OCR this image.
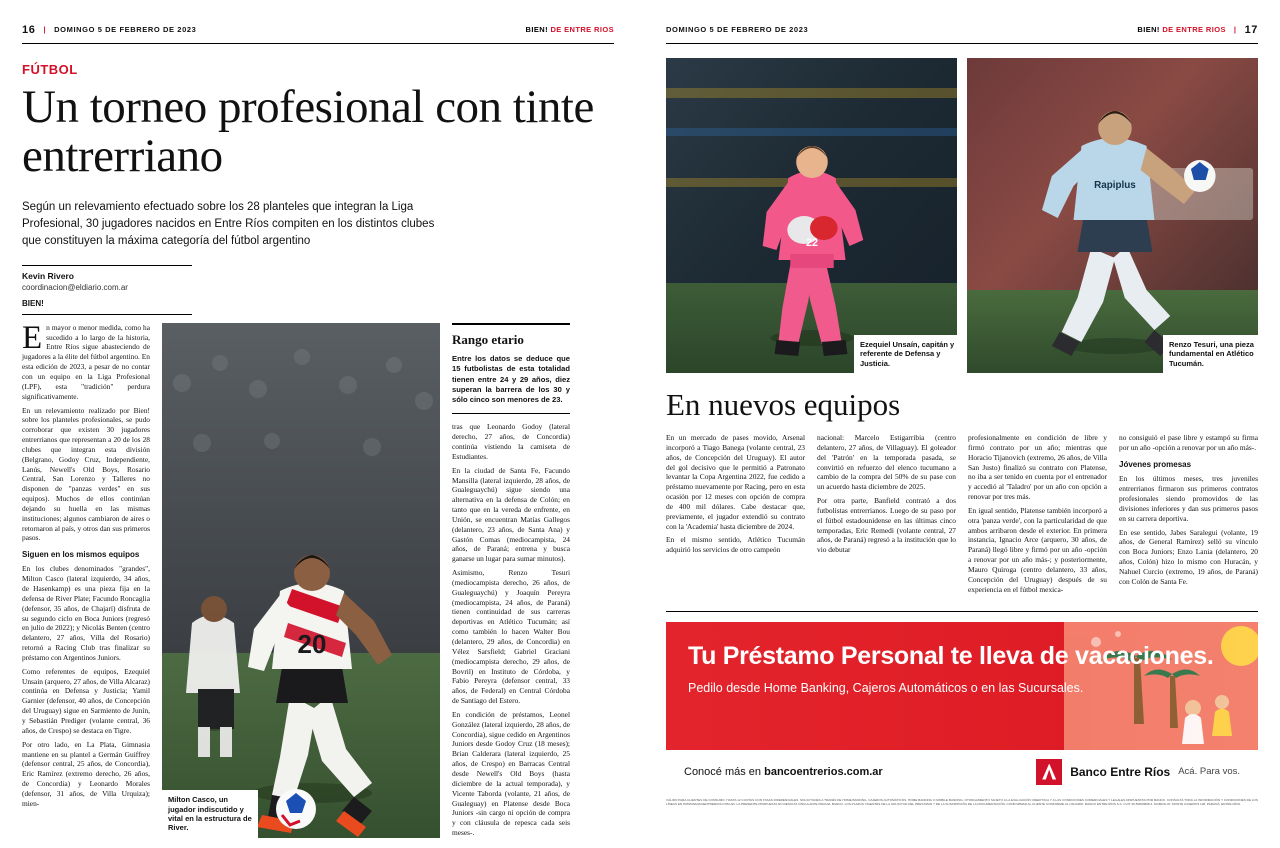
16 | DOMINGO 5 DE FEBRERO DE 2023	BIEN! DE ENTRE RIOS
FÚTBOL
Un torneo profesional con tinte entrerriano
Según un relevamiento efectuado sobre los 28 planteles que integran la Liga Profesional, 30 jugadores nacidos en Entre Ríos compiten en los distintos clubes que constituyen la máxima categoría del fútbol argentino
Kevin Rivero
coordinacion@eldiario.com.ar
BIEN!

E n mayor o menor medida, como ha sucedido a lo largo de la historia, Entre Ríos sigue abasteciendo de jugadores a la élite del fútbol argentino. En esta edición de 2023, a pesar de no contar con un equipo en la Liga Profesional (LPF), esta "tradición" perdura significativamente.

En un relevamiento realizado por Bien! sobre los planteles profesionales, se pudo corroborar que existen 30 jugadores entrerrianos que representan a 20 de los 28 clubes que integran esta división (Belgrano, Godoy Cruz, Independiente, Lanús, Newell's Old Boys, Rosario Central, San Lorenzo y Talleres no disponen de "panzas verdes" en sus equipos). Muchos de ellos continúan dejando su huella en las mismas instituciones; algunos cambiaron de aires o retornaron al país, y otros dan sus primeros pasos.

Siguen en los mismos equipos

En los clubes denominados "grandes", Milton Casco (lateral izquierdo, 34 años, de Hasenkamp) es una pieza fija en la defensa de River Plate; Facundo Roncaglia (defensor, 35 años, de Chajarí) disfruta de su segundo ciclo en Boca Juniors (regresó en julio de 2022); y Nicolás Benten (centro delantero, 27 años, Villa del Rosario) retornó a Racing Club tras finalizar su préstamo con Argentinos Juniors.

Como referentes de equipos, Ezequiel Unsain (arquero, 27 años, de Villa Alcaraz) continúa en Defensa y Justicia; Yamil Garnier (defensor, 40 años, de Concepción del Uruguay) sigue en Sarmiento de Junín, y Sebastián Prediger (volante central, 36 años, de Crespo) se destaca en Tigre.

Por otro lado, en La Plata, Gimnasia mantiene en su plantel a Germán Guiffrey (defensor central, 25 años, de Concordia), Eric Ramírez (extremo derecho, 26 años, de Concordia) y Leonardo Morales (defensor, 31 años, de Villa Urquiza); mien-

20
Milton Casco, un jugador indiscutido y vital en la estructura de River.
Rango etario
Entre los datos se deduce que 15 futbolistas de esta totalidad tienen entre 24 y 29 años, diez superan la barrera de los 30 y sólo cinco son menores de 23.

tras que Leonardo Godoy (lateral derecho, 27 años, de Concordia) continúa vistiendo la camiseta de Estudiantes.

En la ciudad de Santa Fe, Facundo Mansilla (lateral izquierdo, 28 años, de Gualeguaychú) sigue siendo una alternativa en la defensa de Colón; en tanto que en la vereda de enfrente, en Unión, se encuentran Matías Gallegos (delantero, 23 años, de Santa Ana) y Gastón Comas (mediocampista, 24 años, de Paraná; entrena y busca ganarse un lugar para sumar minutos).

Asimismo, Renzo Tesuri (mediocampista derecho, 26 años, de Gualeguaychú) y Joaquín Pereyra (mediocampista, 24 años, de Paraná) tienen continuidad de sus carreras deportivas en Atlético Tucumán; así como también lo hacen Walter Bou (delantero, 29 años, de Concordia) en Vélez Sarsfield; Gabriel Graciani (mediocampista derecho, 29 años, de Bovril) en Instituto de Córdoba, y Fabio Pereyra (defensor central, 33 años, de Federal) en Central Córdoba de Santiago del Estero.

En condición de préstamos, Leonel González (lateral izquierdo, 28 años, de Concordia), sigue cedido en Argentinos Juniors desde Godoy Cruz (18 meses); Brian Calderara (lateral izquierdo, 25 años, de Crespo) en Barracas Central desde Newell's Old Boys (hasta diciembre de la actual temporada), y Vicente Taborda (volante, 21 años, de Gualeguay) en Platense desde Boca Juniors -sin cargo ni opción de compra y con cláusula de repesca cada seis meses-.

DOMINGO 5 DE FEBRERO DE 2023	BIEN! DE ENTRE RIOS | 17
22
Ezequiel Unsaín, capitán y referente de Defensa y Justicia.
Rapiplus
Renzo Tesuri, una pieza fundamental en Atlético Tucumán.
En nuevos equipos

En un mercado de pases movido, Arsenal incorporó a Tiago Banega (volante central, 23 años, de Concepción del Uruguay). El autor del gol decisivo que le permitió a Patronato levantar la Copa Argentina 2022, fue cedido a préstamo nuevamente por Racing, pero en esta ocasión por 12 meses con opción de compra de 400 mil dólares. Cabe destacar que, previamente, el jugador extendió su contrato con la 'Academia' hasta diciembre de 2024.

En el mismo sentido, Atlético Tucumán adquirió los servicios de otro campeón

nacional: Marcelo Estigarribia (centro delantero, 27 años, de Villaguay). El goleador del 'Patrón' en la temporada pasada, se convirtió en refuerzo del elenco tucumano a cambio de la compra del 50% de su pase con un acuerdo hasta diciembre de 2025.

Por otra parte, Banfield contrató a dos futbolistas entrerrianos. Luego de su paso por el fútbol estadounidense en las últimas cinco temporadas, Eric Remedi (volante central, 27 años, de Paraná) regresó a la institución que lo vio debutar

profesionalmente en condición de libre y firmó contrato por un año; mientras que Horacio Tijanovich (extremo, 26 años, de Villa San Justo) finalizó su contrato con Platense, no iba a ser tenido en cuenta por el entrenador y accedió al 'Taladro' por un año con opción a renovar por tres más.

En igual sentido, Platense también incorporó a otra 'panza verde', con la particularidad de que ambos arribaron desde el exterior. En primera instancia, Ignacio Arce (arquero, 30 años, de Paraná) llegó libre y firmó por un año -opción a renovar por un año más-; y posteriormente, Mauro Quiroga (centro delantero, 33 años, Concepción del Uruguay) después de su experiencia en el fútbol mexica-

no consiguió el pase libre y estampó su firma por un año -opción a renovar por un año más-.

Jóvenes promesas

En los últimos meses, tres juveniles entrerrianos firmaron sus primeros contratos profesionales siendo promovidos de las divisiones inferiores y dan sus primeros pasos en su carrera deportiva.

En ese sentido, Jabes Saralegui (volante, 19 años, de General Ramírez) selló su vínculo con Boca Juniors; Enzo Lania (delantero, 20 años, Colón) hizo lo mismo con Huracán, y Nahuel Curcio (extremo, 19 años, de Paraná) con Colón de Santa Fe.

Tu Préstamo Personal te lleva de vacaciones.
Pedilo desde Home Banking, Cajeros Automáticos o en las Sucursales.
Conocé más en bancoentrerios.com.ar	Banco Entre Ríos Acá. Para vos.
VÁLIDO PARA CLIENTES DE CONSUMO. HASTA 12 CUOTAS CON TASAS DIFERENCIALES. SOLICITUDES A TRAVÉS DE HOME BANKING, CAJEROS AUTOMÁTICOS, HOME BANKING O MOBILE BANKING, OTORGAMIENTO SUJETO A LA EVALUACIÓN CREDITICIA Y A LAS CONDICIONES COMERCIALES Y LEGALES DISPUESTAS POR BANCO. CONSULTÁ TODA LA INFORMACIÓN Y CONDICIONES DE LOS LÍNEAS EN WWW.BANCOENTRERIOS.COM.AR. LA PRESENTE PROPUESTA NO RESULTA VINCULANTE PARA EL BANCO. LOS PLAZOS VIGENTES DE LA SOLICITUD DEL PRESTAMO Y DE LA SUSCRIPCIÓN DE LA DOCUMENTACIÓN, CONFORMAR AL CLIENTE CONFORME AL USUARIO. BANCO ENTRE RÍOS S.A. CUIT 30-50000808-4. DOMICILIO: MONTE CASEROS 128, PARANÁ, ENTRE RÍOS.
